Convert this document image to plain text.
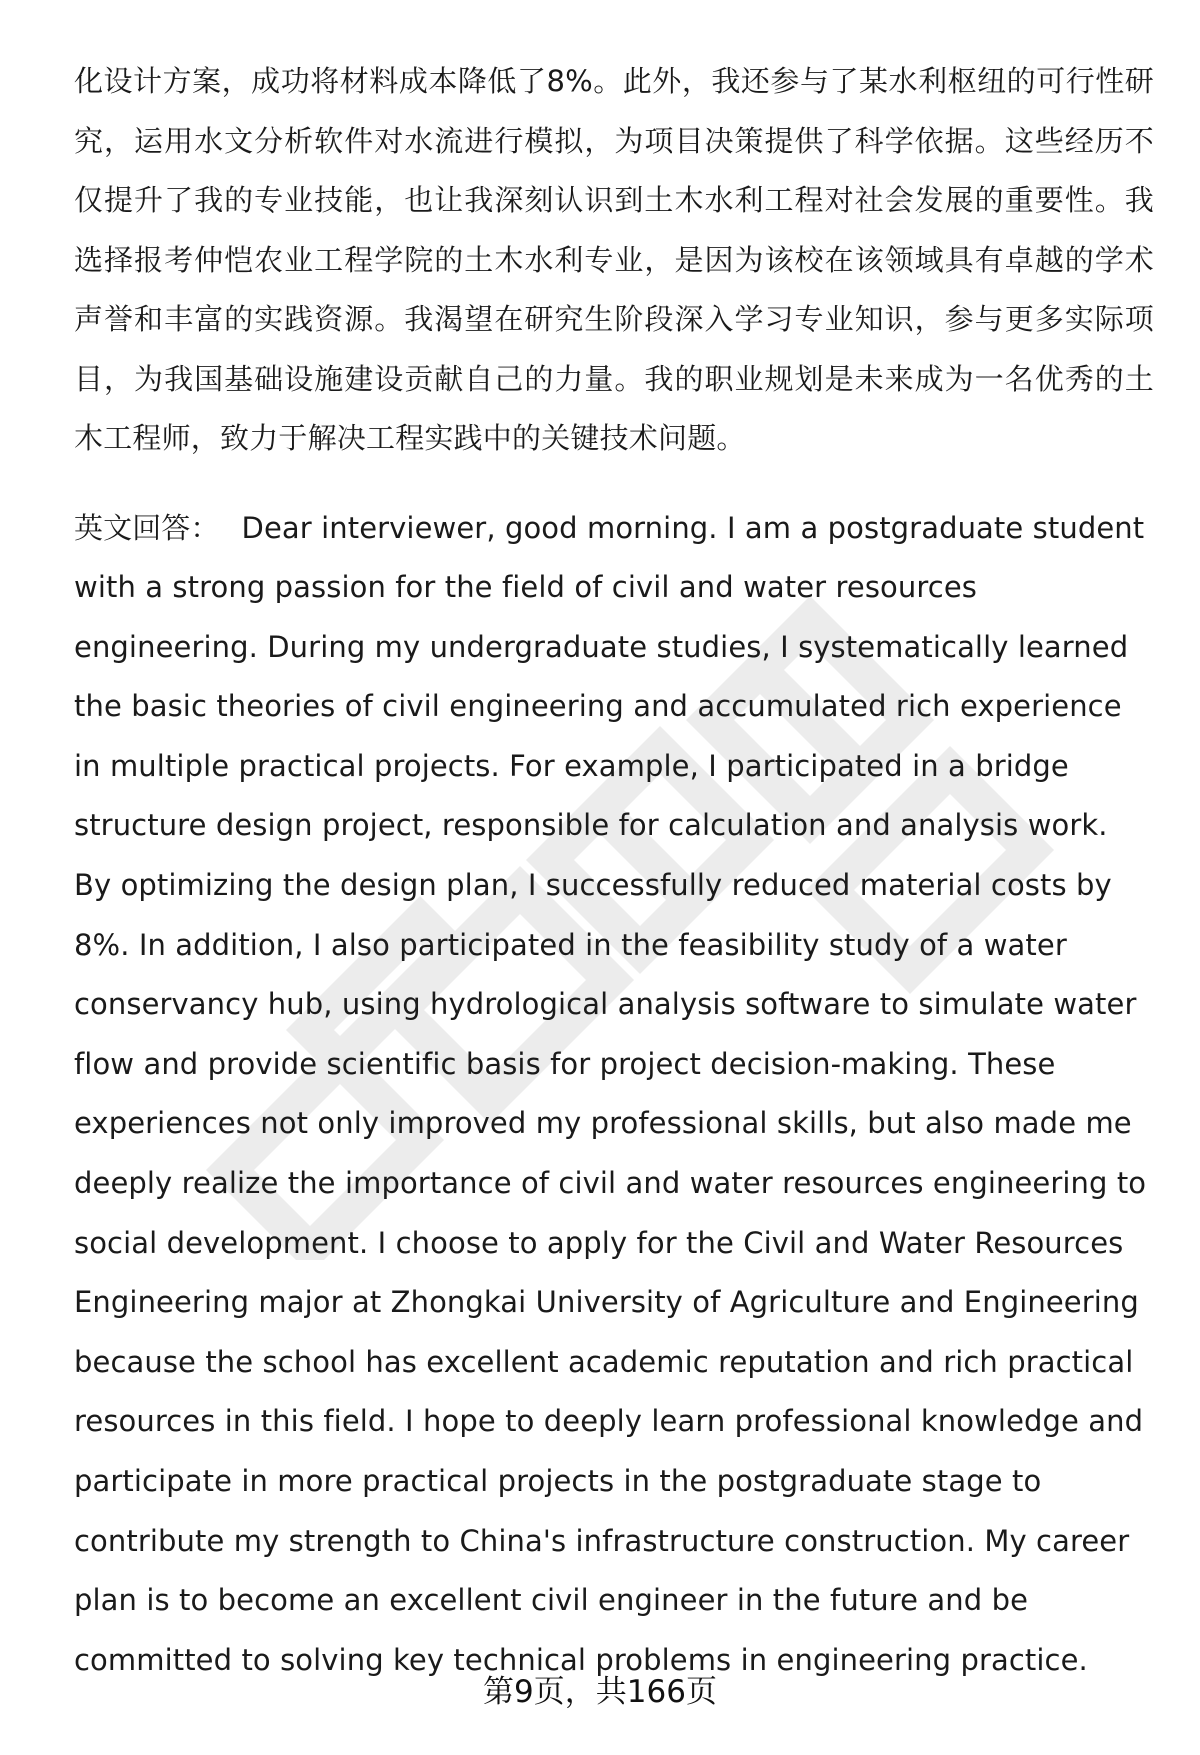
化设计方案，成功将材料成本降低了8%。此外，我还参与了某水利枢纽的可行性研究，运用水文分析软件对水流进行模拟，为项目决策提供了科学依据。这些经历不仅提升了我的专业技能，也让我深刻认识到土木水利工程对社会发展的重要性。我选择报考仲恺农业工程学院的土木水利专业，是因为该校在该领域具有卓越的学术声誉和丰富的实践资源。我渴望在研究生阶段深入学习专业知识，参与更多实际项目，为我国基础设施建设贡献自己的力量。我的职业规划是未来成为一名优秀的土木工程师，致力于解决工程实践中的关键技术问题。

英文回答： Dear interviewer, good morning. I am a postgraduate student with a strong passion for the field of civil and water resources engineering. During my undergraduate studies, I systematically learned the basic theories of civil engineering and accumulated rich experience in multiple practical projects. For example, I participated in a bridge structure design project, responsible for calculation and analysis work. By optimizing the design plan, I successfully reduced material costs by 8%. In addition, I also participated in the feasibility study of a water conservancy hub, using hydrological analysis software to simulate water flow and provide scientific basis for project decision-making. These experiences not only improved my professional skills, but also made me deeply realize the importance of civil and water resources engineering to social development. I choose to apply for the Civil and Water Resources Engineering major at Zhongkai University of Agriculture and Engineering because the school has excellent academic reputation and rich practical resources in this field. I hope to deeply learn professional knowledge and participate in more practical projects in the postgraduate stage to contribute my strength to China's infrastructure construction. My career plan is to become an excellent civil engineer in the future and be committed to solving key technical problems in engineering practice.

第9页，共166页
